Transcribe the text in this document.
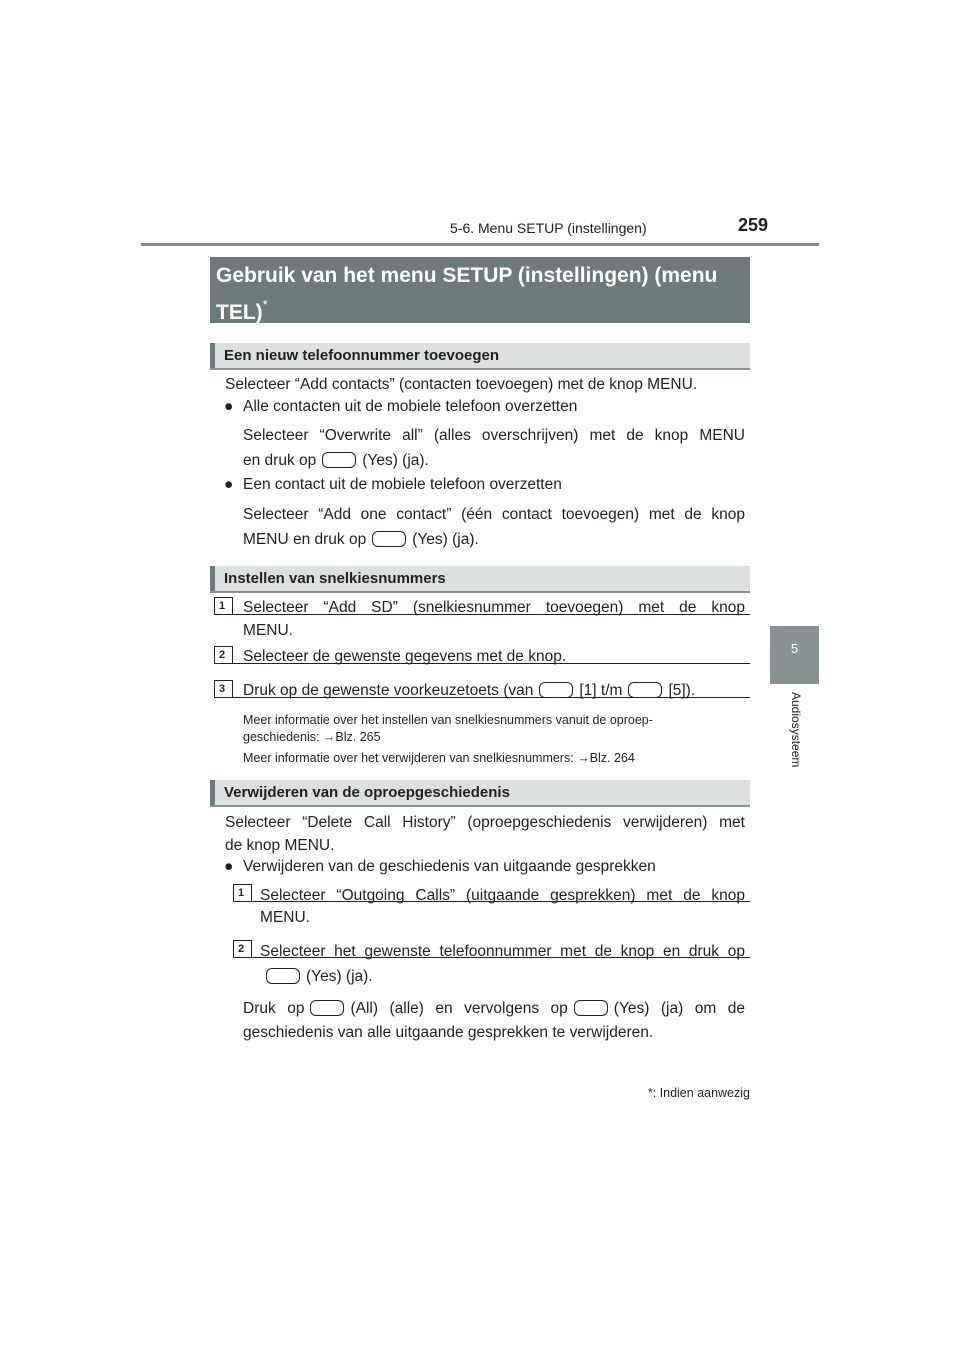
5-6. Menu SETUP (instellingen)	259
5
Audiosysteem
Gebruik van het menu SETUP (instellingen) (menu TEL)*
Een nieuw telefoonnummer toevoegen
Selecteer “Add contacts” (contacten toevoegen) met de knop MENU.
● Alle contacten uit de mobiele telefoon overzetten
Selecteer “Overwrite all” (alles overschrijven) met de knop MENU
en druk op	(Yes) (ja).
● Een contact uit de mobiele telefoon overzetten
Selecteer “Add one contact” (één contact toevoegen) met de knop
MENU en druk op	(Yes) (ja).
Instellen van snelkiesnummers
1	Selecteer “Add SD” (snelkiesnummer toevoegen) met de knop
MENU.
2	Selecteer de gewenste gegevens met de knop.
3	Druk op de gewenste voorkeuzetoets (van	[1] t/m	[5]).
Meer informatie over het instellen van snelkiesnummers vanuit de oproep-
geschiedenis: →Blz. 265
Meer informatie over het verwijderen van snelkiesnummers: →Blz. 264
Verwijderen van de oproepgeschiedenis
Selecteer “Delete Call History” (oproepgeschiedenis verwijderen) met
de knop MENU.
● Verwijderen van de geschiedenis van uitgaande gesprekken
1	Selecteer “Outgoing Calls” (uitgaande gesprekken) met de knop
MENU.
2	Selecteer het gewenste telefoonnummer met de knop en druk op
(Yes) (ja).
Druk op	(All) (alle) en vervolgens op	(Yes) (ja) om de
geschiedenis van alle uitgaande gesprekken te verwijderen.
*: Indien aanwezig
